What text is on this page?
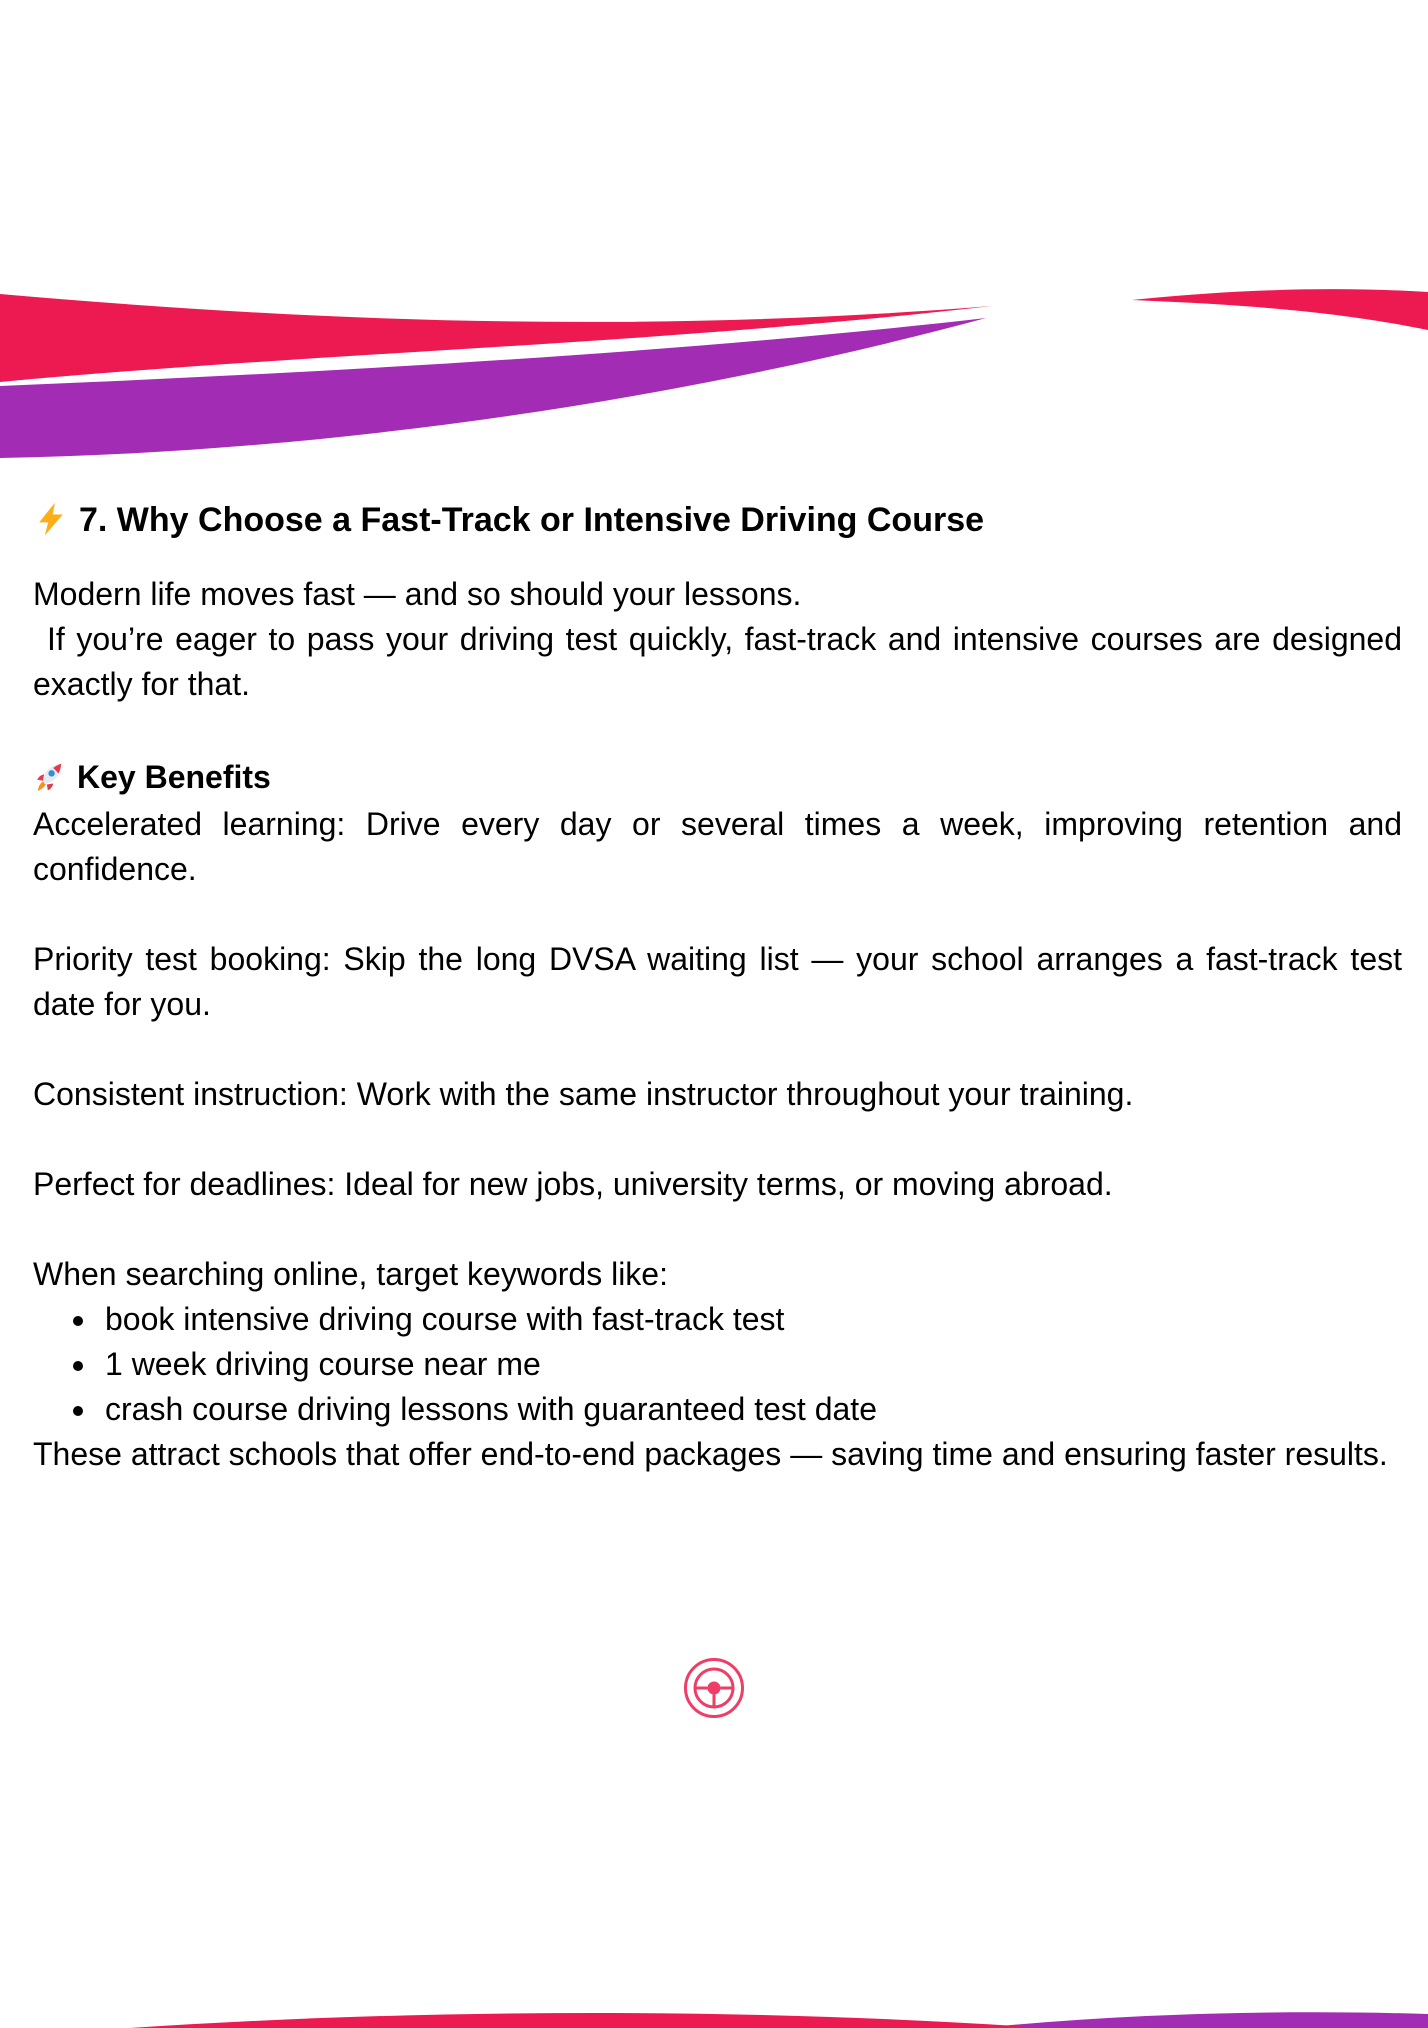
7. Why Choose a Fast-Track or Intensive Driving Course

Modern life moves fast — and so should your lessons.

If you’re eager to pass your driving test quickly, fast-track and intensive courses are designed exactly for that.

Key Benefits

Accelerated learning: Drive every day or several times a week, improving retention and confidence.

Priority test booking: Skip the long DVSA waiting list — your school arranges a fast-track test date for you.

Consistent instruction: Work with the same instructor throughout your training.

Perfect for deadlines: Ideal for new jobs, university terms, or moving abroad.

When searching online, target keywords like:

• book intensive driving course with fast-track test
• 1 week driving course near me
• crash course driving lessons with guaranteed test date

These attract schools that offer end-to-end packages — saving time and ensuring faster results.
